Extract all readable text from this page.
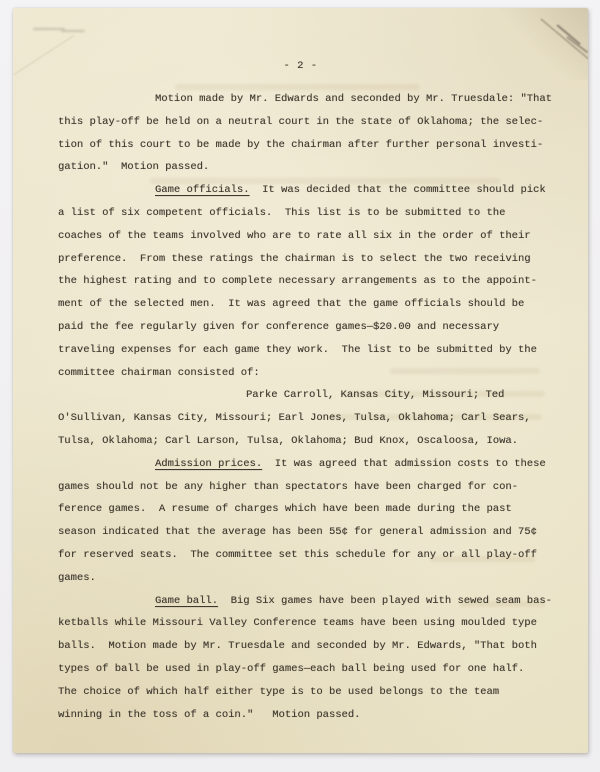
- 2 -
Motion made by Mr. Edwards and seconded by Mr. Truesdale: "That
this play-off be held on a neutral court in the state of Oklahoma; the selec-
tion of this court to be made by the chairman after further personal investi-
gation."  Motion passed.
Game officials.  It was decided that the committee should pick
a list of six competent officials.  This list is to be submitted to the
coaches of the teams involved who are to rate all six in the order of their
preference.  From these ratings the chairman is to select the two receiving
the highest rating and to complete necessary arrangements as to the appoint-
ment of the selected men.  It was agreed that the game officials should be
paid the fee regularly given for conference games—$20.00 and necessary
traveling expenses for each game they work.  The list to be submitted by the
committee chairman consisted of:
Parke Carroll, Kansas City, Missouri; Ted
O'Sullivan, Kansas City, Missouri; Earl Jones, Tulsa, Oklahoma; Carl Sears,
Tulsa, Oklahoma; Carl Larson, Tulsa, Oklahoma; Bud Knox, Oscaloosa, Iowa.
Admission prices.  It was agreed that admission costs to these
games should not be any higher than spectators have been charged for con-
ference games.  A resume of charges which have been made during the past
season indicated that the average has been 55¢ for general admission and 75¢
for reserved seats.  The committee set this schedule for any or all play-off
games.
Game ball.  Big Six games have been played with sewed seam bas-
ketballs while Missouri Valley Conference teams have been using moulded type
balls.  Motion made by Mr. Truesdale and seconded by Mr. Edwards, "That both
types of ball be used in play-off games—each ball being used for one half.
The choice of which half either type is to be used belongs to the team
winning in the toss of a coin."   Motion passed.
